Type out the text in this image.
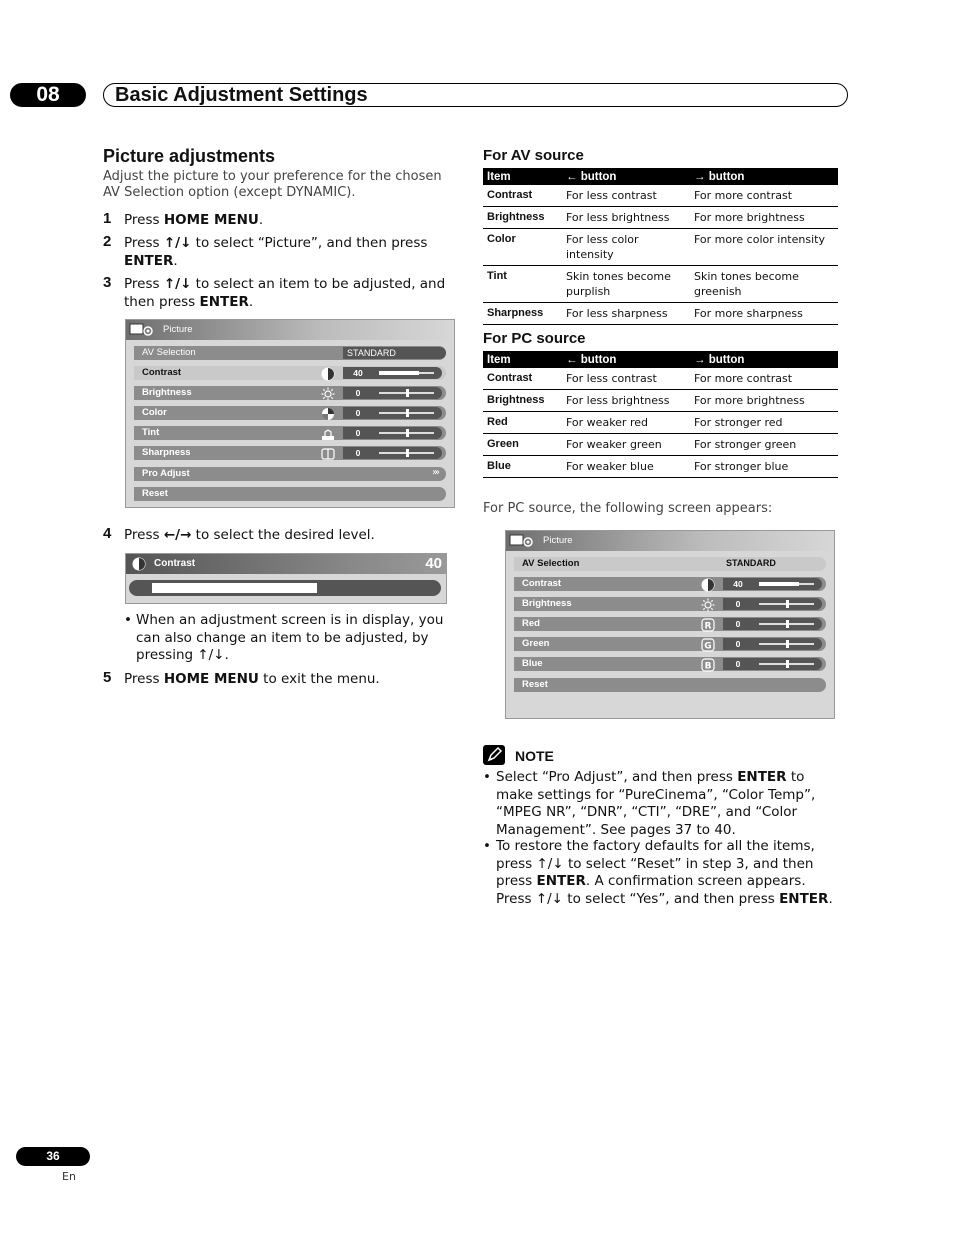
08	Basic Adjustment Settings
Picture adjustments
Adjust the picture to your preference for the chosen AV Selection option (except DYNAMIC).
1 Press HOME MENU.
2 Press ↑/↓ to select “Picture”, and then press ENTER.
3 Press ↑/↓ to select an item to be adjusted, and then press ENTER.
Picture
AV Selection	STANDARD
Contrast	40
Brightness	0
Color	0
Tint	0
Sharpness	0
Pro Adjust	›››
Reset
4 Press ←/→ to select the desired level.
Contrast	40
• When an adjustment screen is in display, you can also change an item to be adjusted, by pressing ↑/↓.
5 Press HOME MENU to exit the menu.
For AV source
Item	← button	→ button
Contrast	For less contrast	For more contrast
Brightness	For less brightness	For more brightness
Color	For less color intensity	For more color intensity
Tint	Skin tones become purplish	Skin tones become greenish
Sharpness	For less sharpness	For more sharpness
For PC source
Item	← button	→ button
Contrast	For less contrast	For more contrast
Brightness	For less brightness	For more brightness
Red	For weaker red	For stronger red
Green	For weaker green	For stronger green
Blue	For weaker blue	For stronger blue
For PC source, the following screen appears:
Picture
AV Selection	STANDARD
Contrast	40
Brightness	0
Red	R	0
Green	G	0
Blue	B	0
Reset
NOTE
• Select “Pro Adjust”, and then press ENTER to make settings for “PureCinema”, “Color Temp”, “MPEG NR”, “DNR”, “CTI”, “DRE”, and “Color Management”. See pages 37 to 40.
• To restore the factory defaults for all the items, press ↑/↓ to select “Reset” in step 3, and then press ENTER. A confirmation screen appears. Press ↑/↓ to select “Yes”, and then press ENTER.
36
En
